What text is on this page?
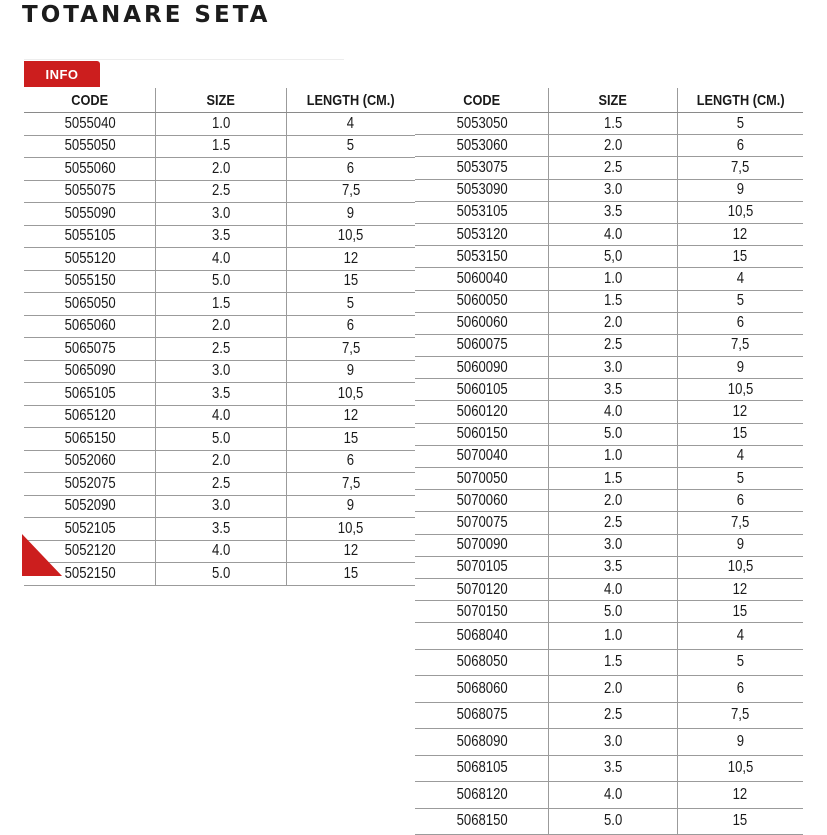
TOTANARE SETA
INFO
CODE	SIZE	LENGTH (CM.)
5055040	1.0	4
5055050	1.5	5
5055060	2.0	6
5055075	2.5	7,5
5055090	3.0	9
5055105	3.5	10,5
5055120	4.0	12
5055150	5.0	15
5065050	1.5	5
5065060	2.0	6
5065075	2.5	7,5
5065090	3.0	9
5065105	3.5	10,5
5065120	4.0	12
5065150	5.0	15
5052060	2.0	6
5052075	2.5	7,5
5052090	3.0	9
5052105	3.5	10,5
5052120	4.0	12
5052150	5.0	15
CODE	SIZE	LENGTH (CM.)
5053050	1.5	5
5053060	2.0	6
5053075	2.5	7,5
5053090	3.0	9
5053105	3.5	10,5
5053120	4.0	12
5053150	5,0	15
5060040	1.0	4
5060050	1.5	5
5060060	2.0	6
5060075	2.5	7,5
5060090	3.0	9
5060105	3.5	10,5
5060120	4.0	12
5060150	5.0	15
5070040	1.0	4
5070050	1.5	5
5070060	2.0	6
5070075	2.5	7,5
5070090	3.0	9
5070105	3.5	10,5
5070120	4.0	12
5070150	5.0	15
5068040	1.0	4
5068050	1.5	5
5068060	2.0	6
5068075	2.5	7,5
5068090	3.0	9
5068105	3.5	10,5
5068120	4.0	12
5068150	5.0	15
